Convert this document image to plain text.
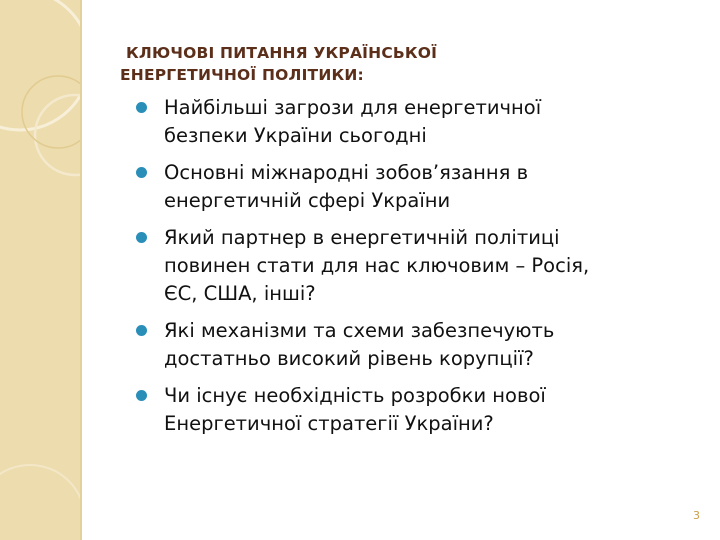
КЛЮЧОВІ ПИТАННЯ УКРАЇНСЬКОЇ
ЕНЕРГЕТИЧНОЇ ПОЛІТИКИ:
Найбільші загрози для енергетичної
безпеки України сьогодні
Основні міжнародні зобов’язання в
енергетичній сфері України
Який партнер в енергетичній політиці
повинен стати для нас ключовим – Росія,
ЄС, США, інші?
Які механізми та схеми забезпечують
достатньо високий рівень корупції?
Чи існує необхідність розробки нової
Енергетичної стратегії України?
3
